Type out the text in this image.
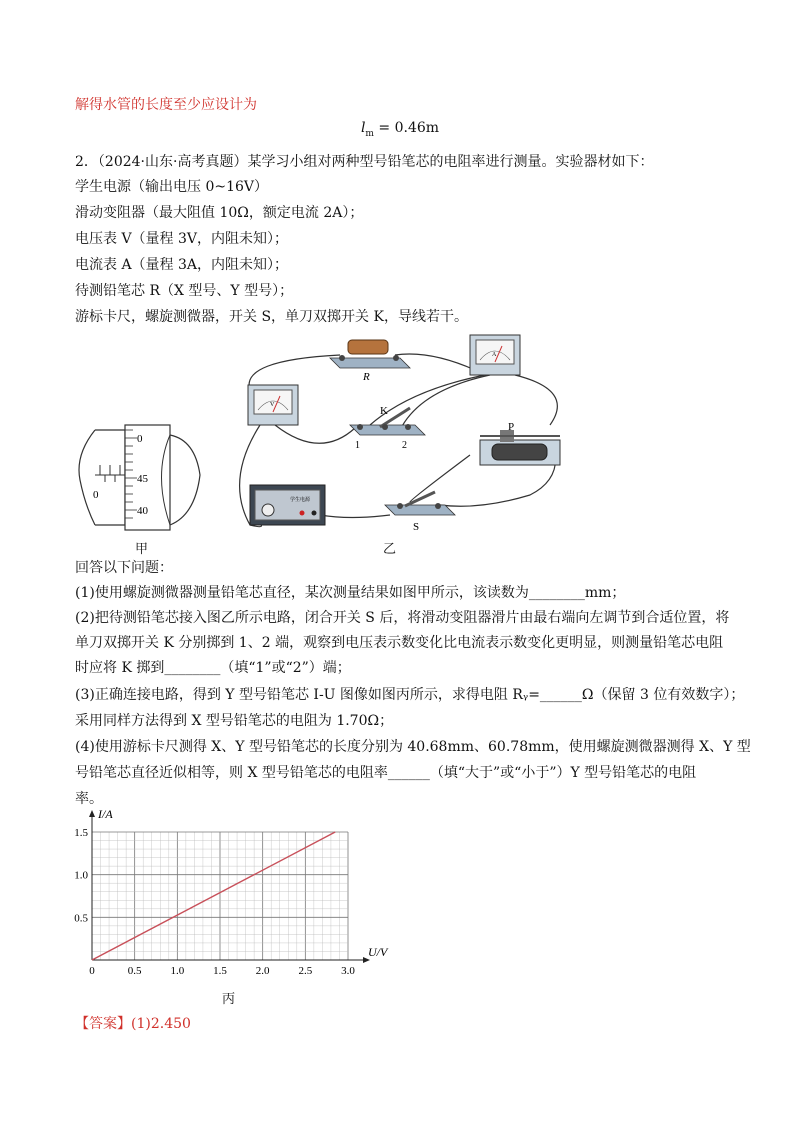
解得水管的长度至少应设计为
$l_m = 0.46m$
2．（2024·山东·高考真题）某学习小组对两种型号铅笔芯的电阻率进行测量。实验器材如下：
学生电源（输出电压 0~16V）
滑动变阻器（最大阻值 10Ω，额定电流 2A）；
电压表 V（量程 3V，内阻未知）；
电流表 A（量程 3A，内阻未知）；
待测铅笔芯 R（X 型号、Y 型号）；
游标卡尺，螺旋测微器，开关 S，单刀双掷开关 K，导线若干。
0
0
45
40
甲
R
A
V	K
1	2
P
学生电源
S
乙
回答以下问题：
(1)使用螺旋测微器测量铅笔芯直径，某次测量结果如图甲所示，该读数为________mm；
(2)把待测铅笔芯接入图乙所示电路，闭合开关 S 后，将滑动变阻器滑片由最右端向左调节到合适位置，将
单刀双掷开关 K 分别掷到 1、2 端，观察到电压表示数变化比电流表示数变化更明显，则测量铅笔芯电阻
时应将 K 掷到________（填“1”或“2”）端；
(3)正确连接电路，得到 Y 型号铅笔芯 I-U 图像如图丙所示，求得电阻 Rᵧ=______Ω（保留 3 位有效数字）；
采用同样方法得到 X 型号铅笔芯的电阻为 1.70Ω；
(4)使用游标卡尺测得 X、Y 型号铅笔芯的长度分别为 40.68mm、60.78mm，使用螺旋测微器测得 X、Y 型
号铅笔芯直径近似相等，则 X 型号铅笔芯的电阻率______（填“大于”或“小于”）Y 型号铅笔芯的电阻
率。
0	0.5	1.0	1.5	2.0	2.5	3.0
0.5
1.0
1.5
I/A
U/V
丙
【答案】(1)2.450
